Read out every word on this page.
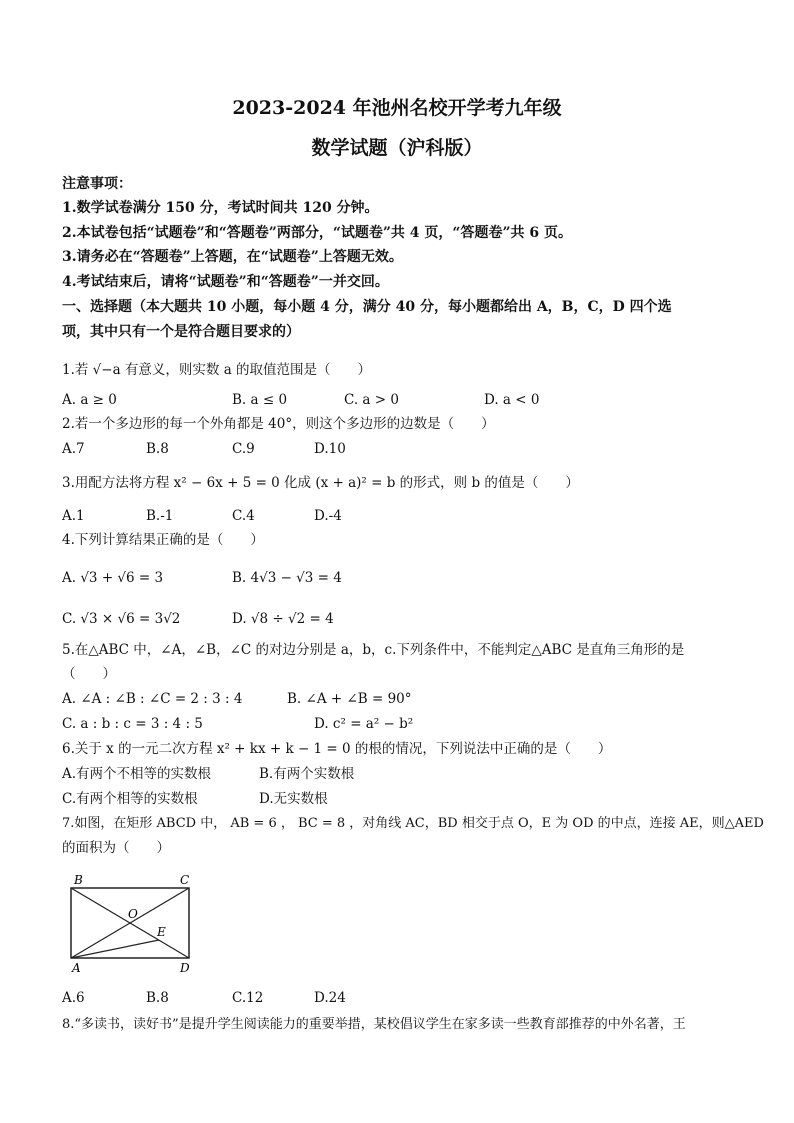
2023-2024 年池州名校开学考九年级
数学试题（沪科版）
注意事项：
1.数学试卷满分 150 分，考试时间共 120 分钟。
2.本试卷包括“试题卷”和“答题卷”两部分，“试题卷”共 4 页，“答题卷”共 6 页。
3.请务必在“答题卷”上答题，在“试题卷”上答题无效。
4.考试结束后，请将“试题卷”和“答题卷”一并交回。
一、选择题（本大题共 10 小题，每小题 4 分，满分 40 分，每小题都给出 A，B，C，D 四个选
项，其中只有一个是符合题目要求的）
1.若 √−a 有意义，则实数 a 的取值范围是（　　）
A. a ≥ 0	B. a ≤ 0	C. a > 0	D. a < 0
2.若一个多边形的每一个外角都是 40°，则这个多边形的边数是（　　）
A.7	B.8	C.9	D.10
3.用配方法将方程 x² − 6x + 5 = 0 化成 (x + a)² = b 的形式，则 b 的值是（　　）
A.1	B.-1	C.4	D.-4
4.下列计算结果正确的是（　　）
A. √3 + √6 = 3	B. 4√3 − √3 = 4
C. √3 × √6 = 3√2	D. √8 ÷ √2 = 4
5.在△ABC 中，∠A，∠B，∠C 的对边分别是 a，b，c.下列条件中，不能判定△ABC 是直角三角形的是
（　　）
A. ∠A : ∠B : ∠C = 2 : 3 : 4	B. ∠A + ∠B = 90°
C. a : b : c = 3 : 4 : 5	D. c² = a² − b²
6.关于 x 的一元二次方程 x² + kx + k − 1 = 0 的根的情况，下列说法中正确的是（　　）
A.有两个不相等的实数根	B.有两个实数根
C.有两个相等的实数根	D.无实数根
7.如图，在矩形 ABCD 中， AB = 6 ， BC = 8 ，对角线 AC，BD 相交于点 O，E 为 OD 的中点，连接 AE，则△AED
的面积为（　　）
B	C
O
E
A	D
A.6	B.8	C.12	D.24
8.“多读书，读好书”是提升学生阅读能力的重要举措，某校倡议学生在家多读一些教育部推荐的中外名著，王
